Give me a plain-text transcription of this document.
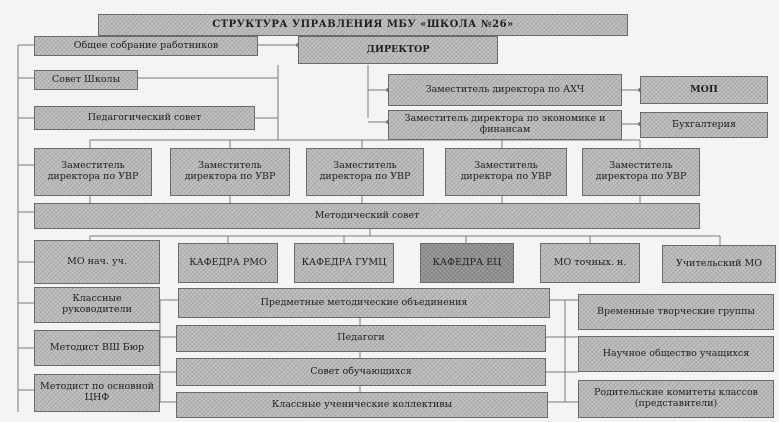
СТРУКТУРА УПРАВЛЕНИЯ МБУ «ШКОЛА №26»
Общее собрание работников
Совет Школы
Педагогический совет
ДИРЕКТОР
Заместитель директора по АХЧ
Заместитель директора по экономике и финансам
МОП
Бухгалтерия
Заместитель директора по УВР
Заместитель директора по УВР
Заместитель директора по УВР
Заместитель директора по УВР
Заместитель директора по УВР
Методический совет
МО нач. уч.
Классные руководители
Методист ВШ Бюр
Методист по основной ЦНФ
КАФЕДРА РМО	КАФЕДРА ГУМЦ	КАФЕДРА ЕЦ	МО точных. н.	Учительский МО
Предметные методические объединения
Педагоги
Совет обучающихся
Классные ученические коллективы
Временные творческие группы
Научное общество учащихся
Родительские комитеты классов (представители)
